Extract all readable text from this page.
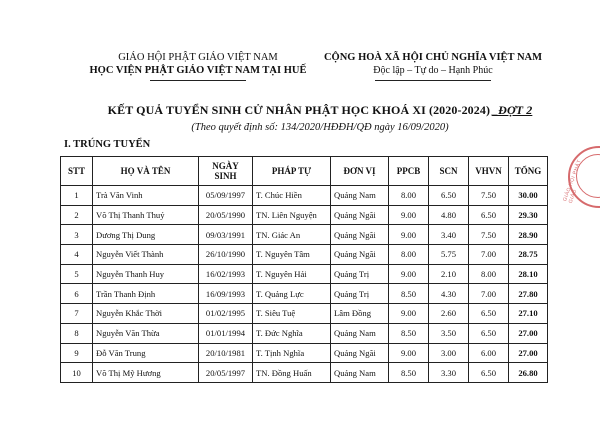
GIÁO HỘI PHẬT GIÁO VIỆT NAM
HỌC VIỆN PHẬT GIÁO VIỆT NAM TẠI HUẾ
CỘNG HOÀ XÃ HỘI CHỦ NGHĨA VIỆT NAM
Độc lập – Tự do – Hạnh Phúc
KẾT QUẢ TUYỂN SINH CỬ NHÂN PHẬT HỌC KHOÁ XI (2020-2024) _ĐỢT 2
(Theo quyết định số: 134/2020/HĐĐH/QĐ ngày 16/09/2020)
I. TRÚNG TUYỂN
STT	HỌ VÀ TÊN	NGÀY SINH	PHÁP TỰ	ĐƠN VỊ	PPCB	SCN	VHVN	TỔNG
1	Trà Văn Vinh	05/09/1997	T. Chúc Hiền	Quảng Nam	8.00	6.50	7.50	30.00
2	Võ Thị Thanh Thuỷ	20/05/1990	TN. Liên Nguyện	Quảng Ngãi	9.00	4.80	6.50	29.30
3	Dương Thị Dung	09/03/1991	TN. Giác An	Quảng Ngãi	9.00	3.40	7.50	28.90
4	Nguyễn Viết Thành	26/10/1990	T. Nguyên Tâm	Quảng Ngãi	8.00	5.75	7.00	28.75
5	Nguyễn Thanh Huy	16/02/1993	T. Nguyên Hải	Quảng Trị	9.00	2.10	8.00	28.10
6	Trần Thanh Định	16/09/1993	T. Quảng Lực	Quảng Trị	8.50	4.30	7.00	27.80
7	Nguyễn Khắc Thời	01/02/1995	T. Siêu Tuệ	Lâm Đồng	9.00	2.60	6.50	27.10
8	Nguyễn Văn Thừa	01/01/1994	T. Đức Nghĩa	Quảng Nam	8.50	3.50	6.50	27.00
9	Đỗ Văn Trung	20/10/1981	T. Tịnh Nghĩa	Quảng Ngãi	9.00	3.00	6.00	27.00
10	Võ Thị Mỹ Hương	20/05/1997	TN. Đồng Huấn	Quảng Nam	8.50	3.30	6.50	26.80
GIÁO HỘI PHẬT GIÁO
